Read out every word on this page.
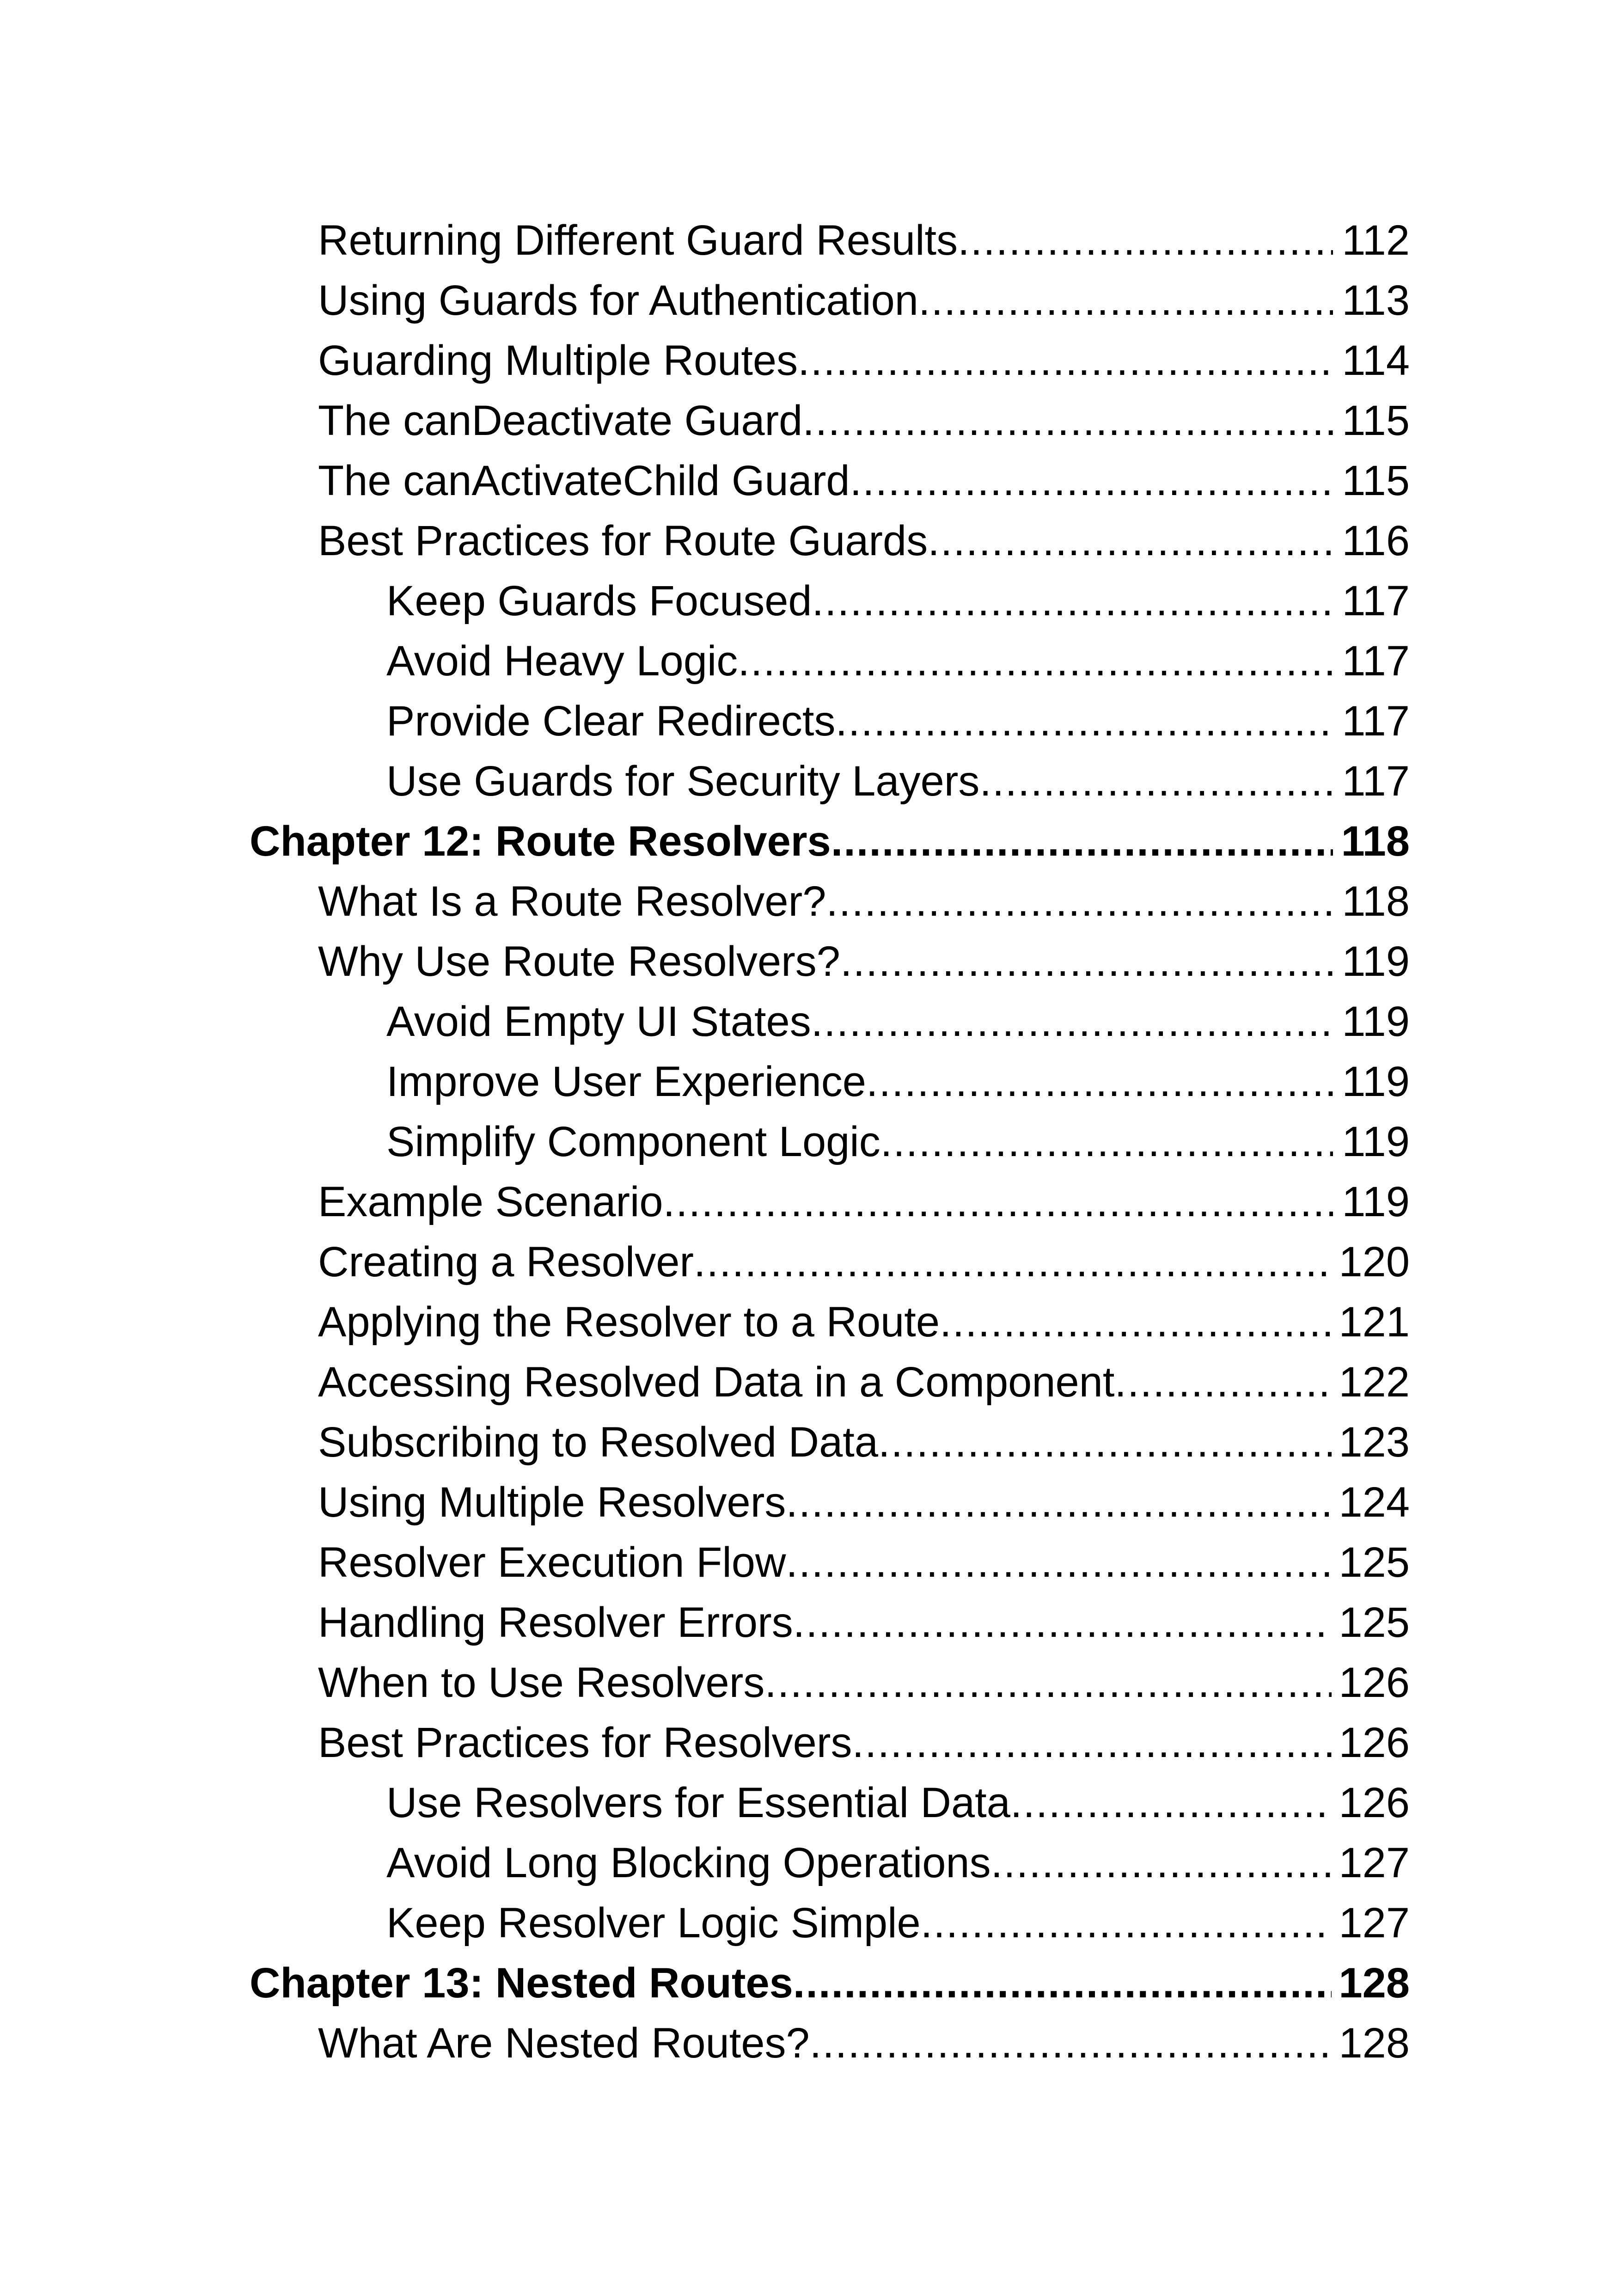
Returning Different Guard Results .....	112
Using Guards for Authentication .....	113
Guarding Multiple Routes .....	114
The canDeactivate Guard .....	115
The canActivateChild Guard .....	115
Best Practices for Route Guards .....	116
Keep Guards Focused .....	117
Avoid Heavy Logic .....	117
Provide Clear Redirects .....	117
Use Guards for Security Layers .....	117
Chapter 12: Route Resolvers .....	118
What Is a Route Resolver? .....	118
Why Use Route Resolvers? .....	119
Avoid Empty UI States .....	119
Improve User Experience .....	119
Simplify Component Logic .....	119
Example Scenario .....	119
Creating a Resolver .....	120
Applying the Resolver to a Route .....	121
Accessing Resolved Data in a Component .....	122
Subscribing to Resolved Data .....	123
Using Multiple Resolvers .....	124
Resolver Execution Flow .....	125
Handling Resolver Errors .....	125
When to Use Resolvers .....	126
Best Practices for Resolvers .....	126
Use Resolvers for Essential Data .....	126
Avoid Long Blocking Operations .....	127
Keep Resolver Logic Simple .....	127
Chapter 13: Nested Routes .....	128
What Are Nested Routes? .....	128
